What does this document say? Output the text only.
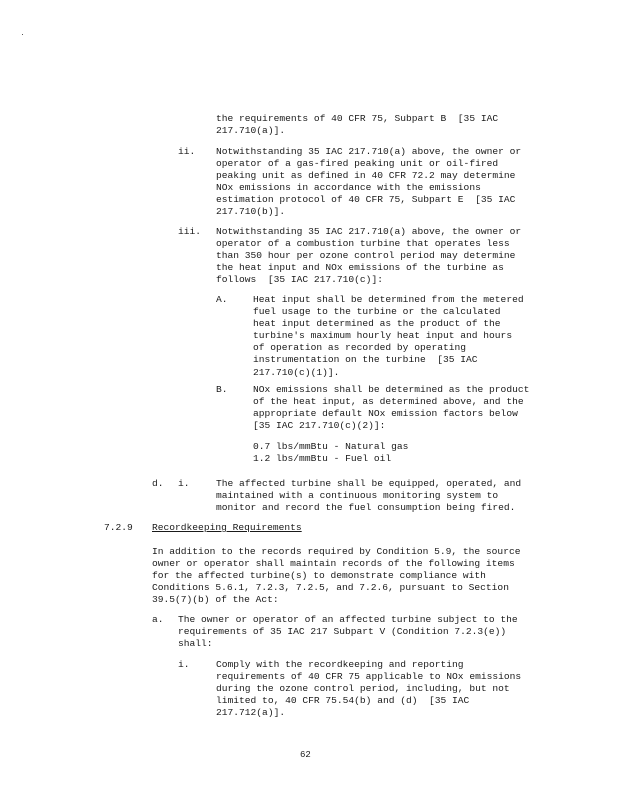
the requirements of 40 CFR 75, Subpart B  [35 IAC
217.710(a)].
ii. Notwithstanding 35 IAC 217.710(a) above, the owner or
operator of a gas-fired peaking unit or oil-fired
peaking unit as defined in 40 CFR 72.2 may determine
NOx emissions in accordance with the emissions
estimation protocol of 40 CFR 75, Subpart E  [35 IAC
217.710(b)].
iii. Notwithstanding 35 IAC 217.710(a) above, the owner or
operator of a combustion turbine that operates less
than 350 hour per ozone control period may determine
the heat input and NOx emissions of the turbine as
follows  [35 IAC 217.710(c)]:
A.	Heat input shall be determined from the metered
fuel usage to the turbine or the calculated
heat input determined as the product of the
turbine's maximum hourly heat input and hours
of operation as recorded by operating
instrumentation on the turbine  [35 IAC
217.710(c)(1)].
B.	NOx emissions shall be determined as the product
of the heat input, as determined above, and the
appropriate default NOx emission factors below
[35 IAC 217.710(c)(2)]:
0.7 lbs/mmBtu - Natural gas
1.2 lbs/mmBtu - Fuel oil
d. i.	The affected turbine shall be equipped, operated, and
maintained with a continuous monitoring system to
monitor and record the fuel consumption being fired.
7.2.9 Recordkeeping Requirements
In addition to the records required by Condition 5.9, the source
owner or operator shall maintain records of the following items
for the affected turbine(s) to demonstrate compliance with
Conditions 5.6.1, 7.2.3, 7.2.5, and 7.2.6, pursuant to Section
39.5(7)(b) of the Act:
a. The owner or operator of an affected turbine subject to the
requirements of 35 IAC 217 Subpart V (Condition 7.2.3(e))
shall:
i.	Comply with the recordkeeping and reporting
requirements of 40 CFR 75 applicable to NOx emissions
during the ozone control period, including, but not
limited to, 40 CFR 75.54(b) and (d)  [35 IAC
217.712(a)].
62
